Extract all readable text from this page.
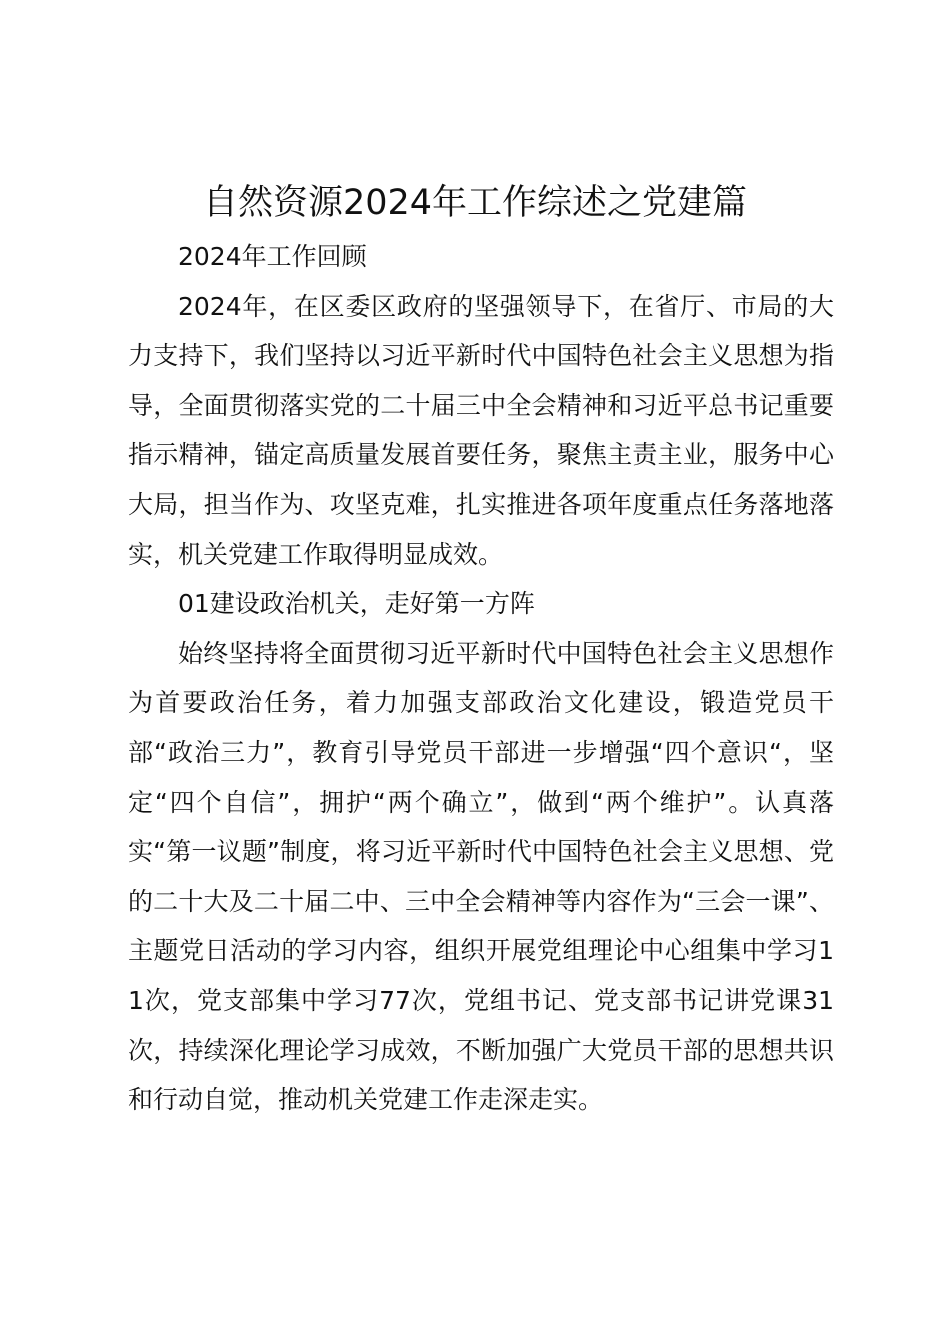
自然资源2024年工作综述之党建篇

2024年工作回顾

2024年，在区委区政府的坚强领导下，在省厅、市局的大力支持下，我们坚持以习近平新时代中国特色社会主义思想为指导，全面贯彻落实党的二十届三中全会精神和习近平总书记重要指示精神，锚定高质量发展首要任务，聚焦主责主业，服务中心大局，担当作为、攻坚克难，扎实推进各项年度重点任务落地落实，机关党建工作取得明显成效。

01建设政治机关，走好第一方阵

始终坚持将全面贯彻习近平新时代中国特色社会主义思想作为首要政治任务，着力加强支部政治文化建设，锻造党员干部“政治三力”，教育引导党员干部进一步增强“四个意识“，坚定“四个自信”，拥护“两个确立”，做到“两个维护”。认真落实“第一议题”制度，将习近平新时代中国特色社会主义思想、党的二十大及二十届二中、三中全会精神等内容作为“三会一课”、主题党日活动的学习内容，组织开展党组理论中心组集中学习11次，党支部集中学习77次，党组书记、党支部书记讲党课31次，持续深化理论学习成效，不断加强广大党员干部的思想共识和行动自觉，推动机关党建工作走深走实。
